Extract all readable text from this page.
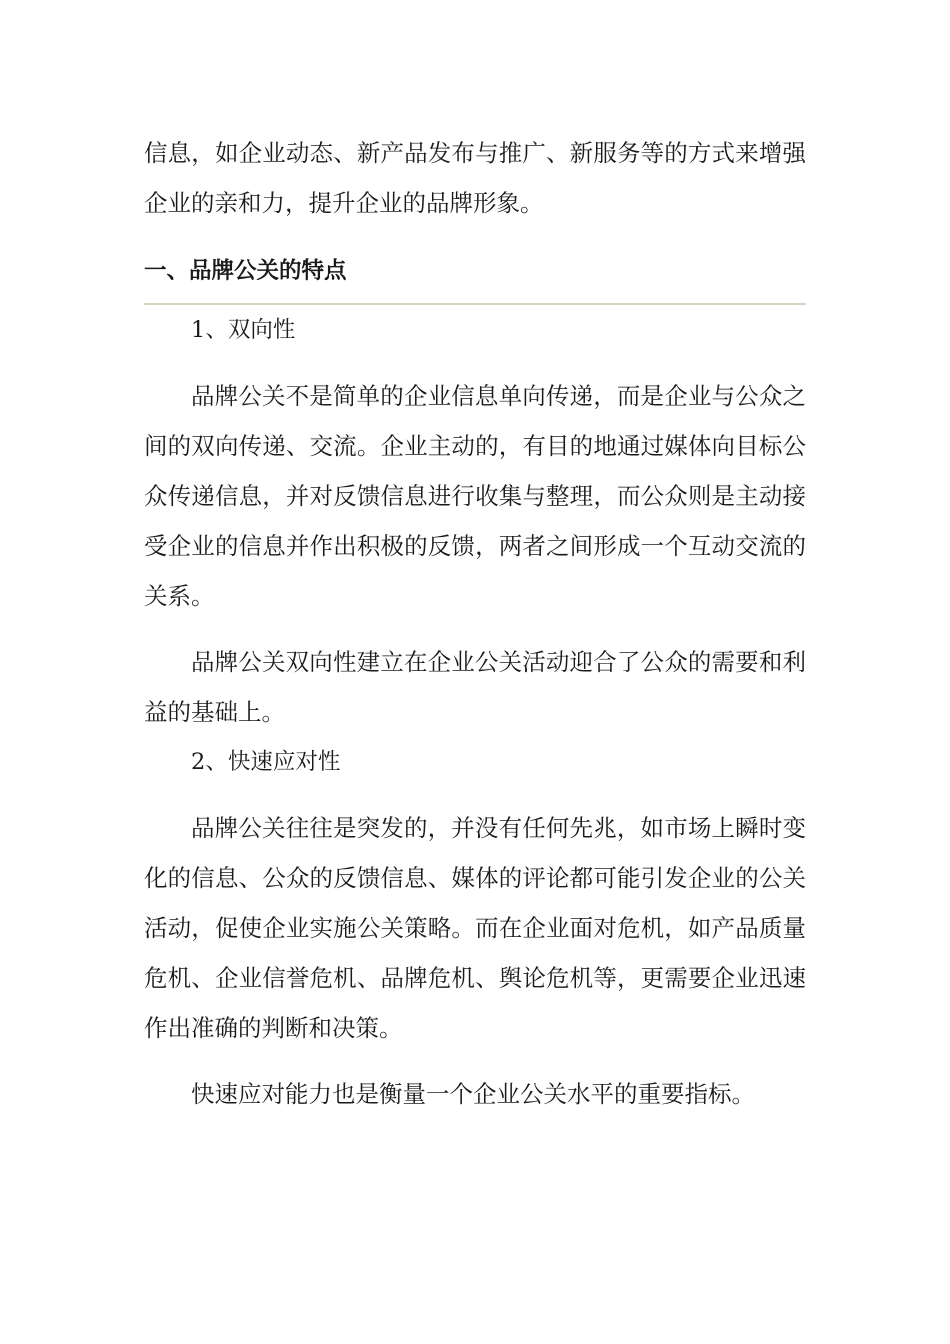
信息，如企业动态、新产品发布与推广、新服务等的方式来增强企业的亲和力，提升企业的品牌形象。

一、品牌公关的特点
1、双向性

品牌公关不是简单的企业信息单向传递，而是企业与公众之间的双向传递、交流。企业主动的，有目的地通过媒体向目标公众传递信息，并对反馈信息进行收集与整理，而公众则是主动接受企业的信息并作出积极的反馈，两者之间形成一个互动交流的关系。

品牌公关双向性建立在企业公关活动迎合了公众的需要和利益的基础上。

2、快速应对性

品牌公关往往是突发的，并没有任何先兆，如市场上瞬时变化的信息、公众的反馈信息、媒体的评论都可能引发企业的公关活动，促使企业实施公关策略。而在企业面对危机，如产品质量危机、企业信誉危机、品牌危机、舆论危机等，更需要企业迅速作出准确的判断和决策。

快速应对能力也是衡量一个企业公关水平的重要指标。
